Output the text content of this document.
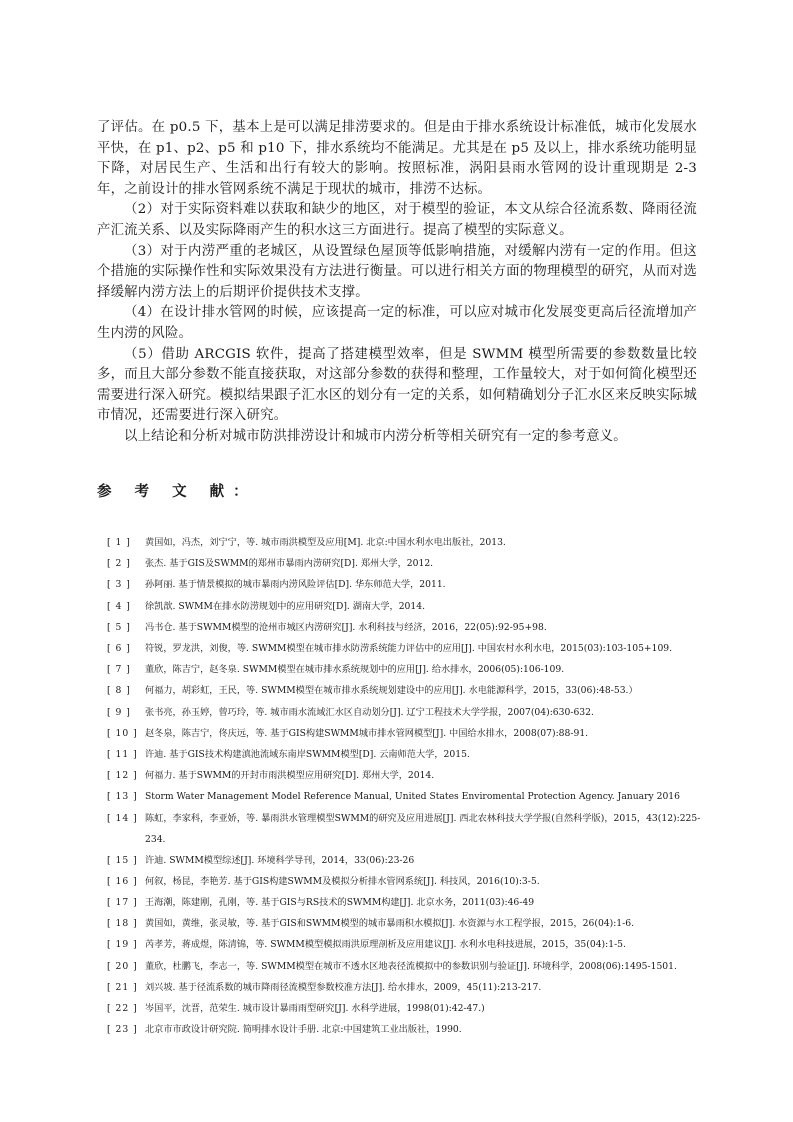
了评估。在 p0.5 下，基本上是可以满足排涝要求的。但是由于排水系统设计标准低，城市化发展水平快，在 p1、p2、p5 和 p10 下，排水系统均不能满足。尤其是在 p5 及以上，排水系统功能明显下降，对居民生产、生活和出行有较大的影响。按照标准，涡阳县雨水管网的设计重现期是 2-3 年，之前设计的排水管网系统不满足于现状的城市，排涝不达标。

（2）对于实际资料难以获取和缺少的地区，对于模型的验证，本文从综合径流系数、降雨径流产汇流关系、以及实际降雨产生的积水这三方面进行。提高了模型的实际意义。

（3）对于内涝严重的老城区，从设置绿色屋顶等低影响措施，对缓解内涝有一定的作用。但这个措施的实际操作性和实际效果没有方法进行衡量。可以进行相关方面的物理模型的研究，从而对选择缓解内涝方法上的后期评价提供技术支撑。

（4）在设计排水管网的时候，应该提高一定的标准，可以应对城市化发展变更高后径流增加产生内涝的风险。

（5）借助 ARCGIS 软件，提高了搭建模型效率，但是 SWMM 模型所需要的参数数量比较多，而且大部分参数不能直接获取，对这部分参数的获得和整理，工作量较大，对于如何简化模型还需要进行深入研究。模拟结果跟子汇水区的划分有一定的关系，如何精确划分子汇水区来反映实际城市情况，还需要进行深入研究。

以上结论和分析对城市防洪排涝设计和城市内涝分析等相关研究有一定的参考意义。

参 考 文 献：
[ 1 ]	黄国如，冯杰，刘宁宁，等. 城市雨洪模型及应用[M]. 北京:中国水利水电出版社，2013.
[ 2 ]	张杰. 基于GIS及SWMM的郑州市暴雨内涝研究[D]. 郑州大学，2012.
[ 3 ]	孙阿丽. 基于情景模拟的城市暴雨内涝风险评估[D]. 华东师范大学，2011.
[ 4 ]	徐凯歆. SWMM在排水防涝规划中的应用研究[D]. 湖南大学，2014.
[ 5 ]	冯书仓. 基于SWMM模型的沧州市城区内涝研究[J]. 水利科技与经济，2016，22(05):92-95+98.
[ 6 ]	符锐，罗龙洪，刘俊，等. SWMM模型在城市排水防涝系统能力评估中的应用[J]. 中国农村水利水电，2015(03):103-105+109.
[ 7 ]	董欣，陈吉宁，赵冬泉. SWMM模型在城市排水系统规划中的应用[J]. 给水排水，2006(05):106-109.
[ 8 ]	何福力，胡彩虹，王民，等. SWMM模型在城市排水系统规划建设中的应用[J]. 水电能源科学，2015，33(06):48-53.）
[ 9 ]	张书亮，孙玉婷，曾巧玲，等. 城市雨水流域汇水区自动划分[J]. 辽宁工程技术大学学报，2007(04):630-632.
[ 10 ] 赵冬泉，陈吉宁，佟庆远，等. 基于GIS构建SWMM城市排水管网模型[J]. 中国给水排水，2008(07):88-91.
[ 11 ] 许迪. 基于GIS技术构建滇池流域东南岸SWMM模型[D]. 云南师范大学，2015.
[ 12 ] 何福力. 基于SWMM的开封市雨洪模型应用研究[D]. 郑州大学，2014.
[ 13 ] Storm Water Management Model Reference Manual, United States Enviromental Protection Agency. January 2016
[ 14 ] 陈虹，李家科，李亚娇，等. 暴雨洪水管理模型SWMM的研究及应用进展[J]. 西北农林科技大学学报(自然科学版)，2015，43(12):225-234.
[ 15 ] 许迪. SWMM模型综述[J]. 环境科学导刊，2014，33(06):23-26
[ 16 ] 何叙，杨昆，李艳芳. 基于GIS构建SWMM及模拟分析排水管网系统[J]. 科技风，2016(10):3-5.
[ 17 ] 王海潮，陈建刚，孔刚，等. 基于GIS与RS技术的SWMM构建[J]. 北京水务，2011(03):46-49
[ 18 ] 黄国如，黄维，张灵敏，等. 基于GIS和SWMM模型的城市暴雨积水模拟[J]. 水资源与水工程学报，2015，26(04):1-6.
[ 19 ] 芮孝芳，蒋成煜，陈清锦，等. SWMM模型模拟雨洪原理剖析及应用建议[J]. 水利水电科技进展，2015，35(04):1-5.
[ 20 ] 董欣，杜鹏飞，李志一，等. SWMM模型在城市不透水区地表径流模拟中的参数识别与验证[J]. 环境科学，2008(06):1495-1501.
[ 21 ] 刘兴坡. 基于径流系数的城市降雨径流模型参数校准方法[J]. 给水排水，2009，45(11):213-217.
[ 22 ] 岑国平，沈晋，范荣生. 城市设计暴雨雨型研究[J]. 水科学进展，1998(01):42-47.)
[ 23 ] 北京市市政设计研究院. 简明排水设计手册. 北京:中国建筑工业出版社，1990.
